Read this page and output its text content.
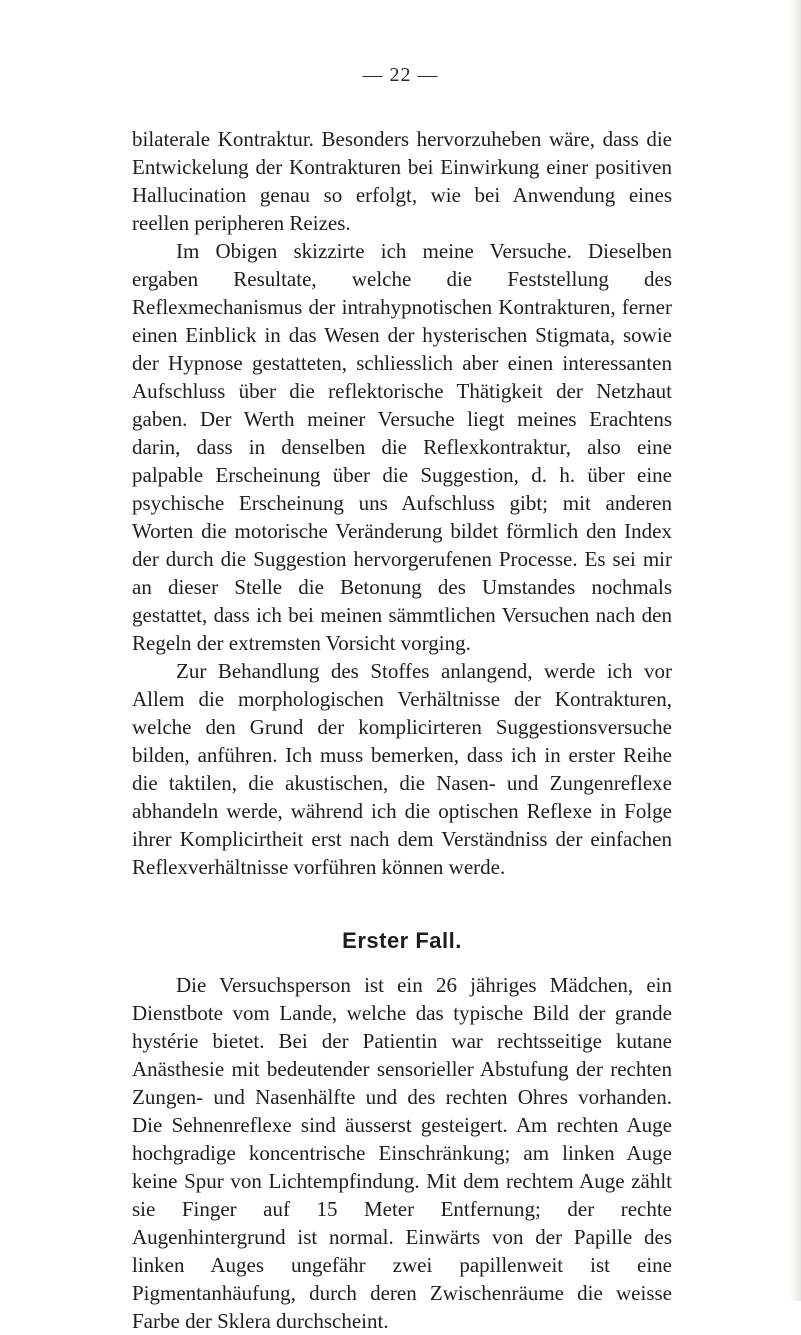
— 22 —

bilaterale Kontraktur. Besonders hervorzuheben wäre, dass die Entwickelung der Kontrakturen bei Einwirkung einer positiven Hallucination genau so erfolgt, wie bei Anwendung eines reellen peripheren Reizes.

Im Obigen skizzirte ich meine Versuche. Dieselben ergaben Resultate, welche die Feststellung des Reflexmechanismus der intrahypnotischen Kontrakturen, ferner einen Einblick in das Wesen der hysterischen Stigmata, sowie der Hypnose gestatteten, schliesslich aber einen interessanten Aufschluss über die reflektorische Thätigkeit der Netzhaut gaben. Der Werth meiner Versuche liegt meines Erachtens darin, dass in denselben die Reflexkontraktur, also eine palpable Erscheinung über die Suggestion, d. h. über eine psychische Erscheinung uns Aufschluss gibt; mit anderen Worten die motorische Veränderung bildet förmlich den Index der durch die Suggestion hervorgerufenen Processe. Es sei mir an dieser Stelle die Betonung des Umstandes nochmals gestattet, dass ich bei meinen sämmtlichen Versuchen nach den Regeln der extremsten Vorsicht vorging.

Zur Behandlung des Stoffes anlangend, werde ich vor Allem die morphologischen Verhältnisse der Kontrakturen, welche den Grund der komplicirteren Suggestionsversuche bilden, anführen. Ich muss bemerken, dass ich in erster Reihe die taktilen, die akustischen, die Nasen- und Zungenreflexe abhandeln werde, während ich die optischen Reflexe in Folge ihrer Komplicirtheit erst nach dem Verständniss der einfachen Reflexverhältnisse vorführen können werde.

Erster Fall.

Die Versuchsperson ist ein 26 jähriges Mädchen, ein Dienstbote vom Lande, welche das typische Bild der grande hystérie bietet. Bei der Patientin war rechtsseitige kutane Anästhesie mit bedeutender sensorieller Abstufung der rechten Zungen- und Nasenhälfte und des rechten Ohres vorhanden. Die Sehnenreflexe sind äusserst gesteigert. Am rechten Auge hochgradige koncentrische Einschränkung; am linken Auge keine Spur von Lichtempfindung. Mit dem rechtem Auge zählt sie Finger auf 15 Meter Entfernung; der rechte Augenhintergrund ist normal. Einwärts von der Papille des linken Auges ungefähr zwei papillenweit ist eine Pigmentanhäufung, durch deren Zwischenräume die weisse Farbe der Sklera durchscheint.
